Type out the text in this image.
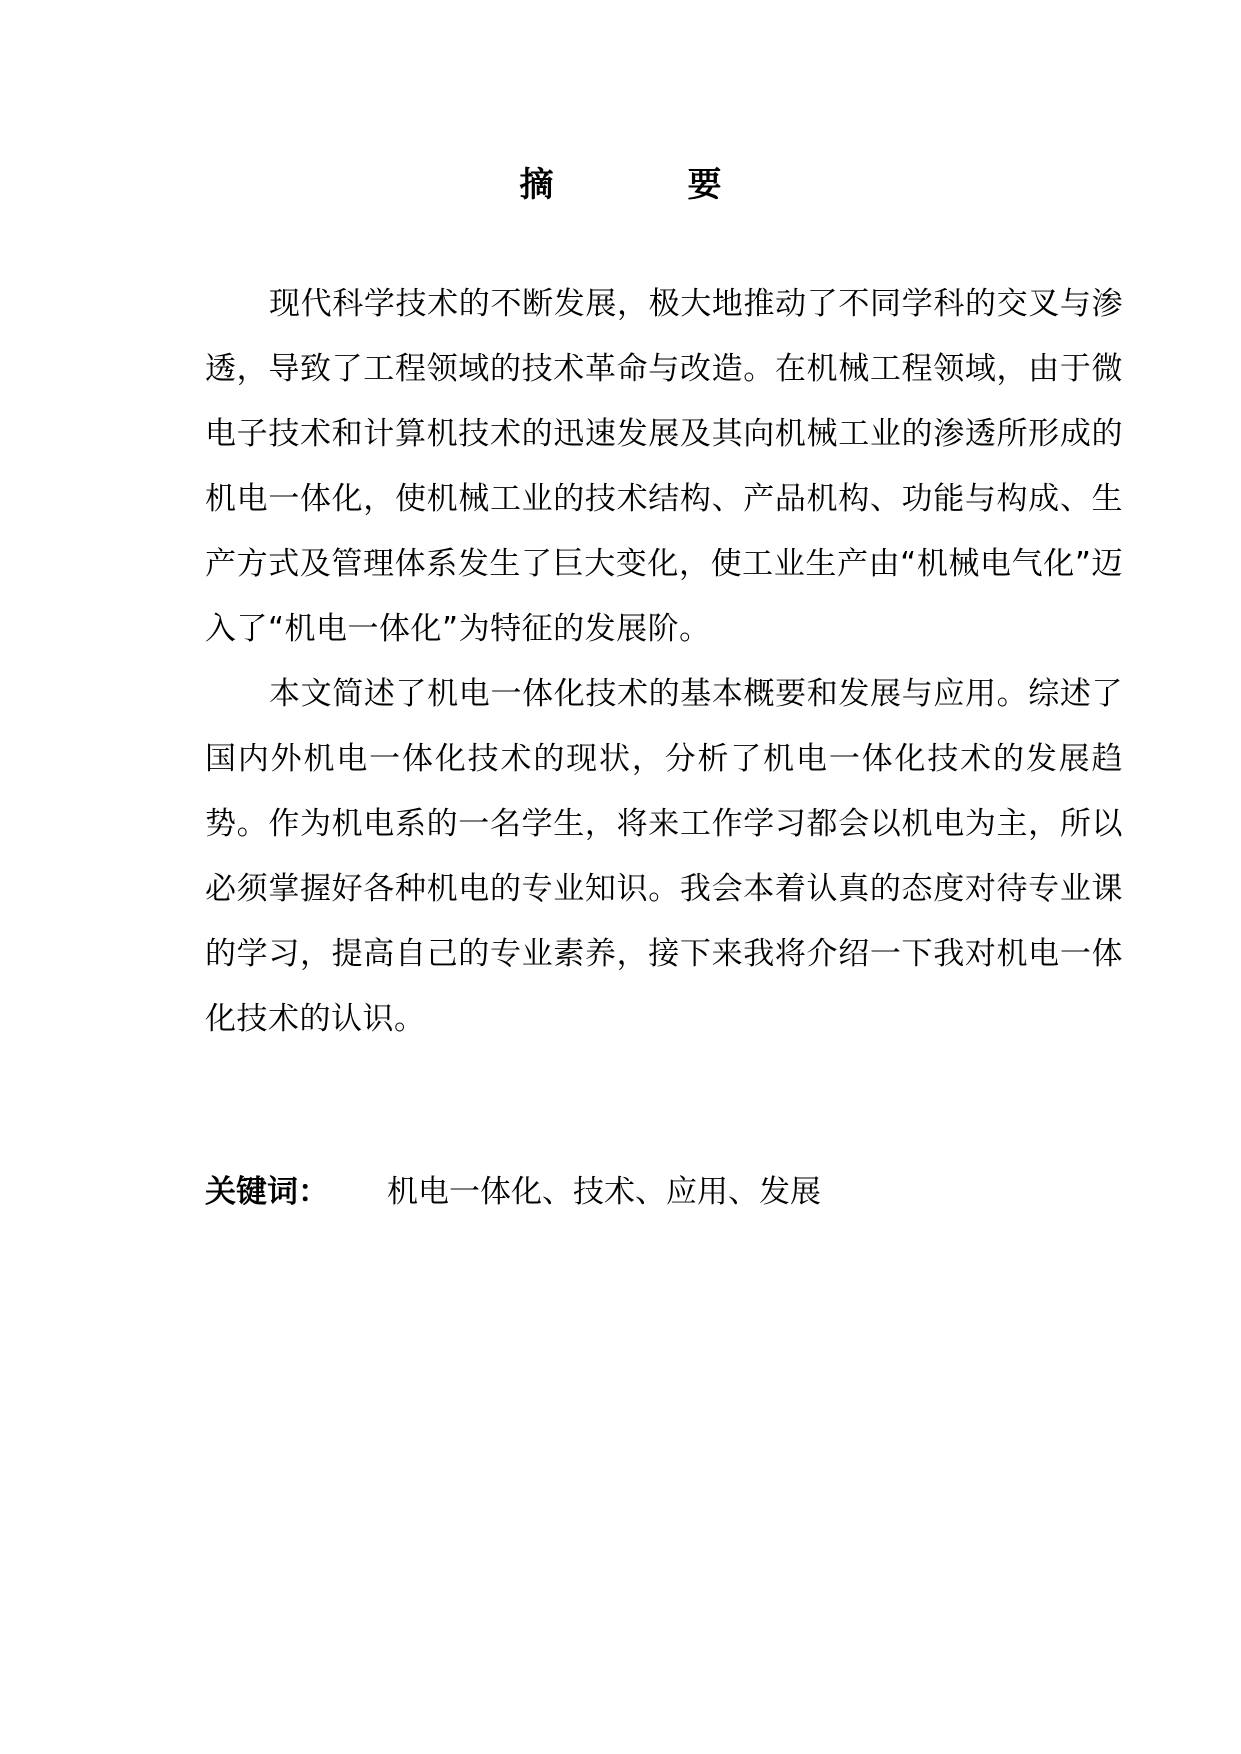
摘　要

现代科学技术的不断发展，极大地推动了不同学科的交叉与渗透，导致了工程领域的技术革命与改造。在机械工程领域，由于微电子技术和计算机技术的迅速发展及其向机械工业的渗透所形成的机电一体化，使机械工业的技术结构、产品机构、功能与构成、生产方式及管理体系发生了巨大变化，使工业生产由“机械电气化”迈入了“机电一体化”为特征的发展阶。

本文简述了机电一体化技术的基本概要和发展与应用。综述了国内外机电一体化技术的现状，分析了机电一体化技术的发展趋势。作为机电系的一名学生，将来工作学习都会以机电为主，所以必须掌握好各种机电的专业知识。我会本着认真的态度对待专业课的学习，提高自己的专业素养，接下来我将介绍一下我对机电一体化技术的认识。

关键词： 机电一体化、技术、应用、发展
